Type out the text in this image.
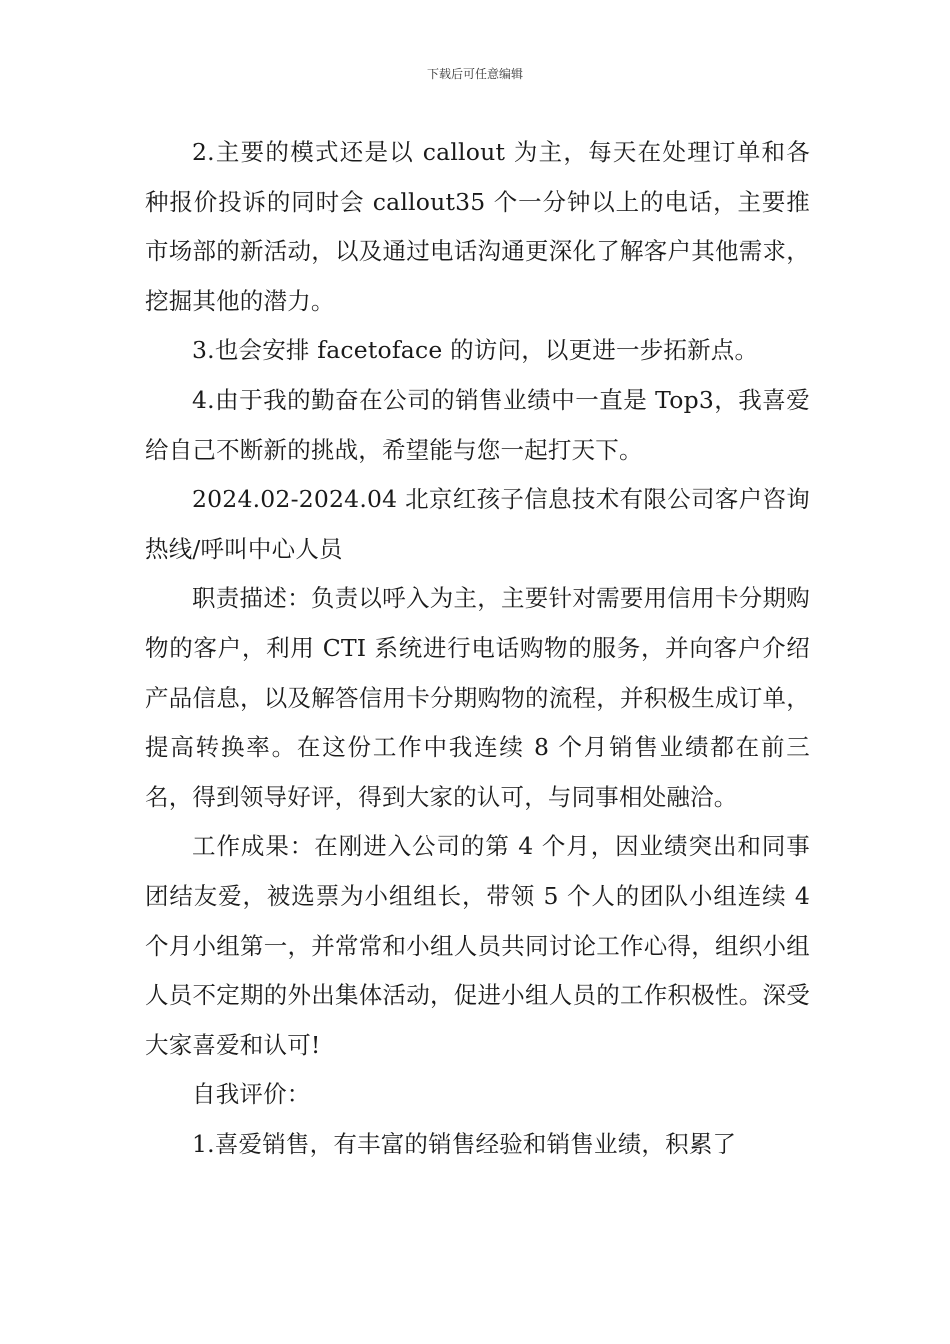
下载后可任意编辑

2.主要的模式还是以 callout 为主，每天在处理订单和各种报价投诉的同时会 callout35 个一分钟以上的电话，主要推市场部的新活动，以及通过电话沟通更深化了解客户其他需求，挖掘其他的潜力。

3.也会安排 facetoface 的访问，以更进一步拓新点。

4.由于我的勤奋在公司的销售业绩中一直是 Top3，我喜爱给自己不断新的挑战，希望能与您一起打天下。

2024.02-2024.04 北京红孩子信息技术有限公司客户咨询热线/呼叫中心人员

职责描述：负责以呼入为主，主要针对需要用信用卡分期购物的客户，利用 CTI 系统进行电话购物的服务，并向客户介绍产品信息，以及解答信用卡分期购物的流程，并积极生成订单，提高转换率。在这份工作中我连续 8 个月销售业绩都在前三名，得到领导好评，得到大家的认可，与同事相处融洽。

工作成果：在刚进入公司的第 4 个月，因业绩突出和同事团结友爱，被选票为小组组长，带领 5 个人的团队小组连续 4 个月小组第一，并常常和小组人员共同讨论工作心得，组织小组人员不定期的外出集体活动，促进小组人员的工作积极性。深受大家喜爱和认可!

自我评价：

1.喜爱销售，有丰富的销售经验和销售业绩，积累了
